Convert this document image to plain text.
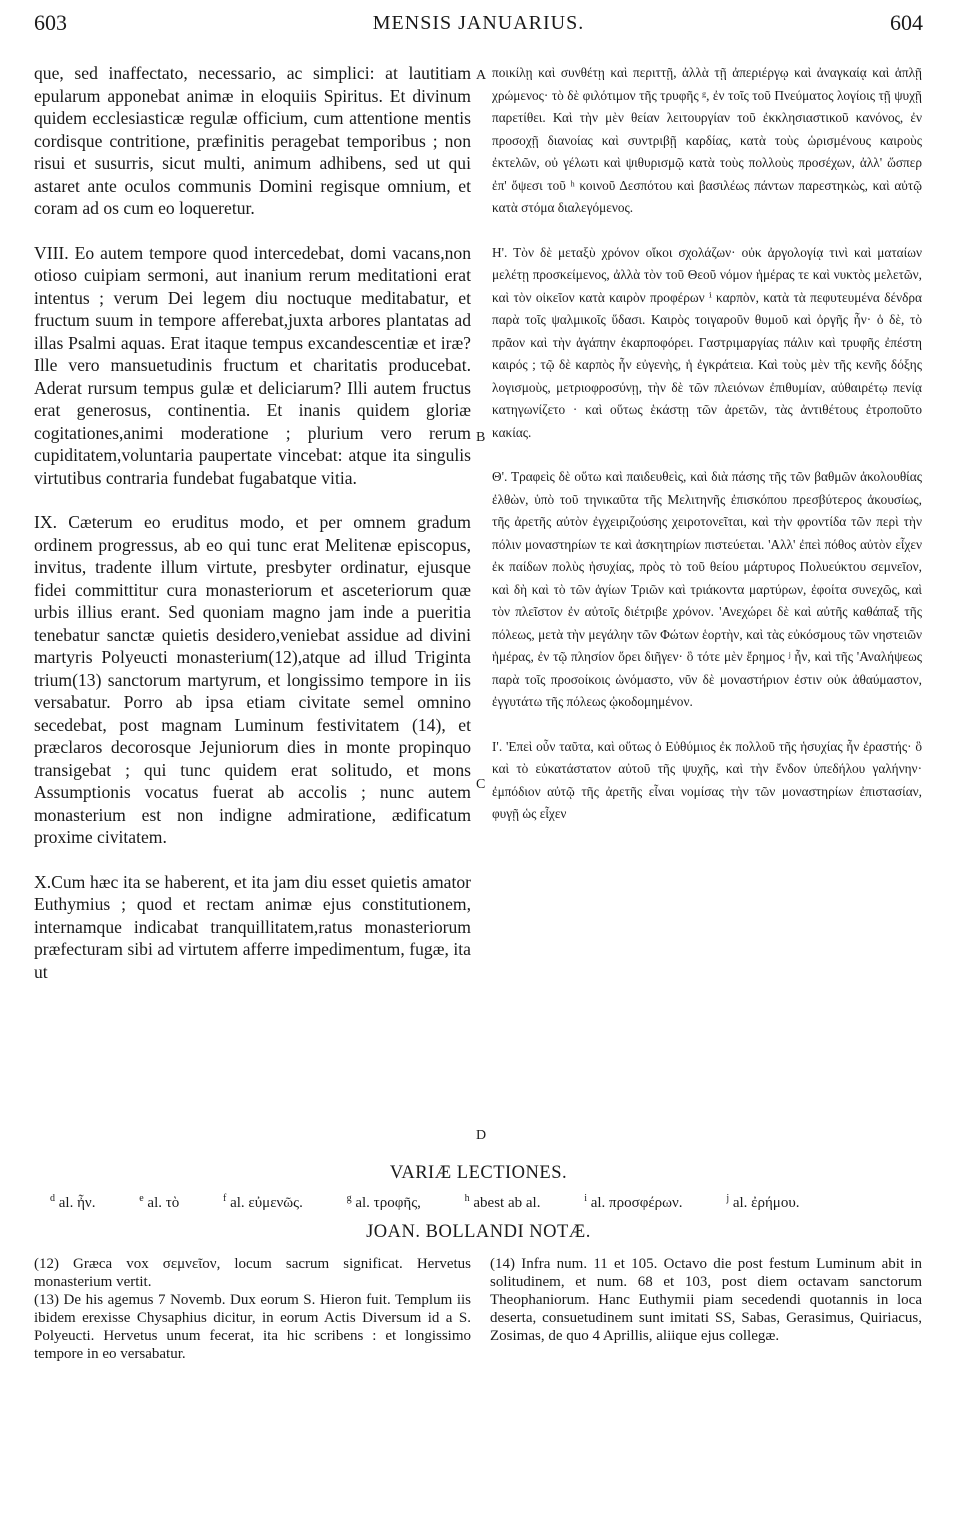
603	MENSIS JANUARIUS.	604

que, sed inaffectato, necessario, ac simplici: at lautitiam epularum apponebat animæ in eloquiis Spiritus. Et divinum quidem ecclesiasticæ regulæ officium, cum attentione mentis cordisque contritione, præfinitis peragebat temporibus ; non risui et susurris, sicut multi, animum adhibens, sed ut qui astaret ante oculos communis Domini regisque omnium, et coram ad os cum eo loqueretur.

VIII. Eo autem tempore quod intercedebat, domi vacans,non otioso cuipiam sermoni, aut inanium rerum meditationi erat intentus ; verum Dei legem diu noctuque meditabatur, et fructum suum in tempore afferebat,juxta arbores plantatas ad illas Psalmi aquas. Erat itaque tempus excandescentiæ et iræ?Ille vero mansuetudinis fructum et charitatis producebat. Aderat rursum tempus gulæ et deliciarum? Illi autem fructus erat generosus, continentia. Et inanis quidem gloriæ cogitationes,animi moderatione ; plurium vero rerum cupiditatem,voluntaria paupertate vincebat: atque ita singulis virtutibus contraria fundebat fugabatque vitia.

IX. Cæterum eo eruditus modo, et per omnem gradum ordinem progressus, ab eo qui tunc erat Melitenæ episcopus, invitus, tradente illum virtute, presbyter ordinatur, ejusque fidei committitur cura monasteriorum et asceteriorum quæ urbis illius erant. Sed quoniam magno jam inde a pueritia tenebatur sanctæ quietis desidero,veniebat assidue ad divini martyris Polyeucti monasterium(12),atque ad illud Triginta trium(13) sanctorum martyrum, et longissimo tempore in iis versabatur. Porro ab ipsa etiam civitate semel omnino secedebat, post magnam Luminum festivitatem (14), et præclaros decorosque Jejuniorum dies in monte propinquo transigebat ; qui tunc quidem erat solitudo, et mons Assumptionis vocatus fuerat ab accolis ; nunc autem monasterium est non indigne admiratione, ædificatum proxime civitatem.

X.Cum hæc ita se haberent, et ita jam diu esset quietis amator Euthymius ; quod et rectam animæ ejus constitutionem, internamque indicabat tranquillitatem,ratus monasteriorum præfecturam sibi ad virtutem afferre impedimentum, fugæ, ita ut

ποικίλῃ καὶ συνθέτῃ καὶ περιττῇ, ἀλλὰ τῇ ἀπεριέργῳ καὶ ἀναγκαίᾳ καὶ ἁπλῇ χρώμενος· τὸ δὲ φιλότιμον τῆς τρυφῆς ᵍ, ἐν τοῖς τοῦ Πνεύματος λογίοις τῇ ψυχῇ παρετίθει. Καὶ τὴν μὲν θείαν λειτουργίαν τοῦ ἐκκλησιαστικοῦ κανόνος, ἐν προσοχῇ διανοίας καὶ συντριβῇ καρδίας, κατὰ τοὺς ὡρισμένους καιροὺς ἐκτελῶν, οὐ γέλωτι καὶ ψιθυρισμῷ κατὰ τοὺς πολλοὺς προσέχων, ἀλλ' ὥσπερ ἐπ' ὄψεσι τοῦ ʰ κοινοῦ Δεσπότου καὶ βασιλέως πάντων παρεστηκὼς, καὶ αὐτῷ κατὰ στόμα διαλεγόμενος.

Η'. Τὸν δὲ μεταξὺ χρόνον οἴκοι σχολάζων· οὐκ ἀργολογίᾳ τινὶ καὶ ματαίων μελέτῃ προσκείμενος, ἀλλὰ τὸν τοῦ Θεοῦ νόμον ἡμέρας τε καὶ νυκτὸς μελετῶν, καὶ τὸν οἰκεῖον κατὰ καιρὸν προφέρων ⁱ καρπὸν, κατὰ τὰ πεφυτευμένα δένδρα παρὰ τοῖς ψαλμικοῖς ὕδασι. Καιρὸς τοιγαροῦν θυμοῦ καὶ ὀργῆς ἦν· ὁ δὲ, τὸ πρᾶον καὶ τὴν ἀγάπην ἐκαρποφόρει. Γαστριμαργίας πάλιν καὶ τρυφῆς ἐπέστη καιρός ; τῷ δὲ καρπὸς ἦν εὐγενὴς, ἡ ἐγκράτεια. Καὶ τοὺς μὲν τῆς κενῆς δόξης λογισμοὺς, μετριοφροσύνῃ, τὴν δὲ τῶν πλειόνων ἐπιθυμίαν, αὐθαιρέτῳ πενίᾳ κατηγωνίζετο · καὶ οὕτως ἑκάστῃ τῶν ἀρετῶν, τὰς ἀντιθέτους ἐτροποῦτο κακίας.

Θ'. Τραφεὶς δὲ οὕτω καὶ παιδευθεὶς, καὶ διὰ πάσης τῆς τῶν βαθμῶν ἀκολουθίας ἐλθὼν, ὑπὸ τοῦ τηνικαῦτα τῆς Μελιτηνῆς ἐπισκόπου πρεσβύτερος ἀκουσίως, τῆς ἀρετῆς αὐτὸν ἐγχειριζούσης χειροτονεῖται, καὶ τὴν φροντίδα τῶν περὶ τὴν πόλιν μοναστηρίων τε καὶ ἀσκητηρίων πιστεύεται. 'Αλλ' ἐπεὶ πόθος αὐτὸν εἶχεν ἐκ παίδων πολὺς ἡσυχίας, πρὸς τὸ τοῦ θείου μάρτυρος Πολυεύκτου σεμνεῖον, καὶ δὴ καὶ τὸ τῶν ἁγίων Τριῶν καὶ τριάκοντα μαρτύρων, ἐφοίτα συνεχῶς, καὶ τὸν πλεῖστον ἐν αὐτοῖς διέτριβε χρόνον. 'Ανεχώρει δὲ καὶ αὐτῆς καθάπαξ τῆς πόλεως, μετὰ τὴν μεγάλην τῶν Φώτων ἑορτὴν, καὶ τὰς εὐκόσμους τῶν νηστειῶν ἡμέρας, ἐν τῷ πλησίον ὄρει διῆγεν· ὃ τότε μὲν ἔρημος ʲ ἦν, καὶ τῆς 'Αναλήψεως παρὰ τοῖς προσοίκοις ὠνόμαστο, νῦν δὲ μοναστήριον ἐστιν οὐκ ἀθαύμαστον, ἐγγυτάτω τῆς πόλεως ᾠκοδομημένον.

Ι'. 'Επεὶ οὖν ταῦτα, καὶ οὕτως ὁ Εὐθύμιος ἐκ πολλοῦ τῆς ἡσυχίας ἦν ἐραστής· ὃ καὶ τὸ εὐκατάστατον αὐτοῦ τῆς ψυχῆς, καὶ τὴν ἔνδον ὑπεδήλου γαλήνην· ἐμπόδιον αὐτῷ τῆς ἀρετῆς εἶναι νομίσας τὴν τῶν μοναστηρίων ἐπιστασίαν, φυγῇ ὡς εἶχεν

A
B
C
D
VARIÆ LECTIONES.
$^d$ al. ἦν.	$^e$ al. τὸ	$^f$ al. εὐμενῶς.	$^g$ al. τροφῆς,	$^h$ abest ab al.	$^i$ al. προσφέρων.	$^j$ al. ἐρήμου.
JOAN. BOLLANDI NOTÆ.

(12) Græca vox σεμνεῖον, locum sacrum significat. Hervetus monasterium vertit.

(13) De his agemus 7 Novemb. Dux eorum S. Hieron fuit. Templum iis ibidem erexisse Chysaphius dicitur, in eorum Actis Diversum id a S. Polyeucti. Hervetus unum fecerat, ita hic scribens : et longissimo tempore in eo versabatur.

(14) Infra num. 11 et 105. Octavo die post festum Luminum abit in solitudinem, et num. 68 et 103, post diem octavam sanctorum Theophaniorum. Hanc Euthymii piam secedendi quotannis in loca deserta, consuetudinem sunt imitati SS, Sabas, Gerasimus, Quiriacus, Zosimas, de quo 4 Aprillis, aliique ejus collegæ.
